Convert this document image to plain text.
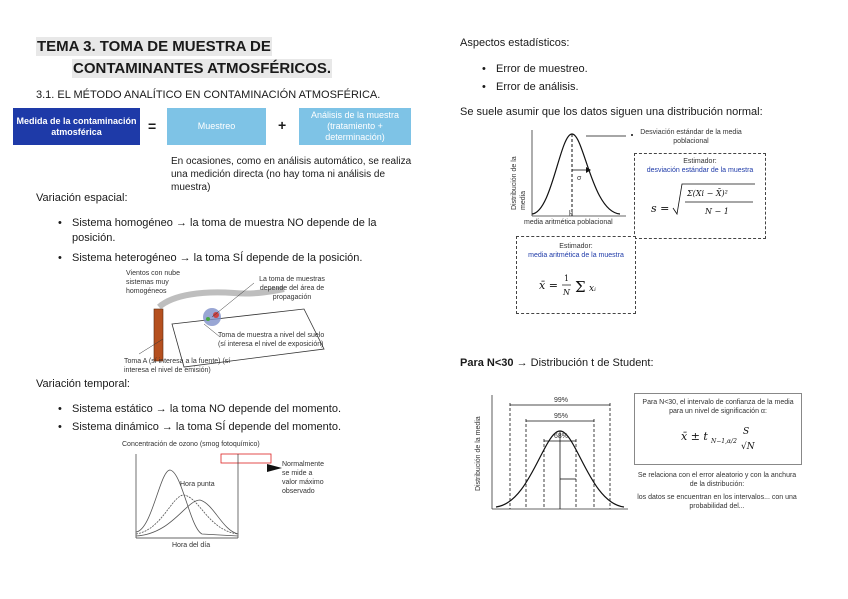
TEMA 3. TOMA DE MUESTRA DE
CONTAMINANTES ATMOSFÉRICOS.
3.1. EL MÉTODO ANALÍTICO EN CONTAMINACIÓN ATMOSFÉRICA.
Medida de la contaminación atmosférica	=	Muestreo	+
Análisis de la muestra (tratamiento + determinación)
En ocasiones, como en análisis automático, se realiza una medición directa (no hay toma ni análisis de muestra)
Variación espacial:
• Sistema homogéneo → la toma de muestra NO depende de la posición.
• Sistema heterogéneo → la toma SÍ depende de la posición.
Vientos con nube sistemas muy homogéneos
La toma de muestras depende del área de propagación
Toma de muestra a nivel del suelo (sí interesa el nivel de exposición)
Toma A (sí interesa a la fuente) (sí interesa el nivel de emisión)
Variación temporal:
• Sistema estático → la toma NO depende del momento.
• Sistema dinámico → la toma SÍ depende del momento.
Concentración de ozono (smog fotoquímico)
Hora punta
Normalmente se mide a valor máximo observado
Hora del día
Aspectos estadísticos:
• Error de muestreo.
• Error de análisis.
Se suele asumir que los datos siguen una distribución normal:
Distribución de la media
media aritmética poblacional
μ
σ
Desviación estándar de la media poblacional
Estimador:
desviación estándar de la muestra
s =
Σ(Xi − X̄)²
N − 1
Estimador:
media aritmética de la muestra
x̄ =
1
N Σ xᵢ
Para N<30 → Distribución t de Student:
Distribución de la media
99%
95%
68%
Para N<30, el intervalo de confianza de la media para un nivel de significación α:
x̄ ± t N−1,α/2
S
√N
Se relaciona con el error aleatorio y con la anchura de la distribución:
los datos se encuentran en los intervalos... con una probabilidad del...
